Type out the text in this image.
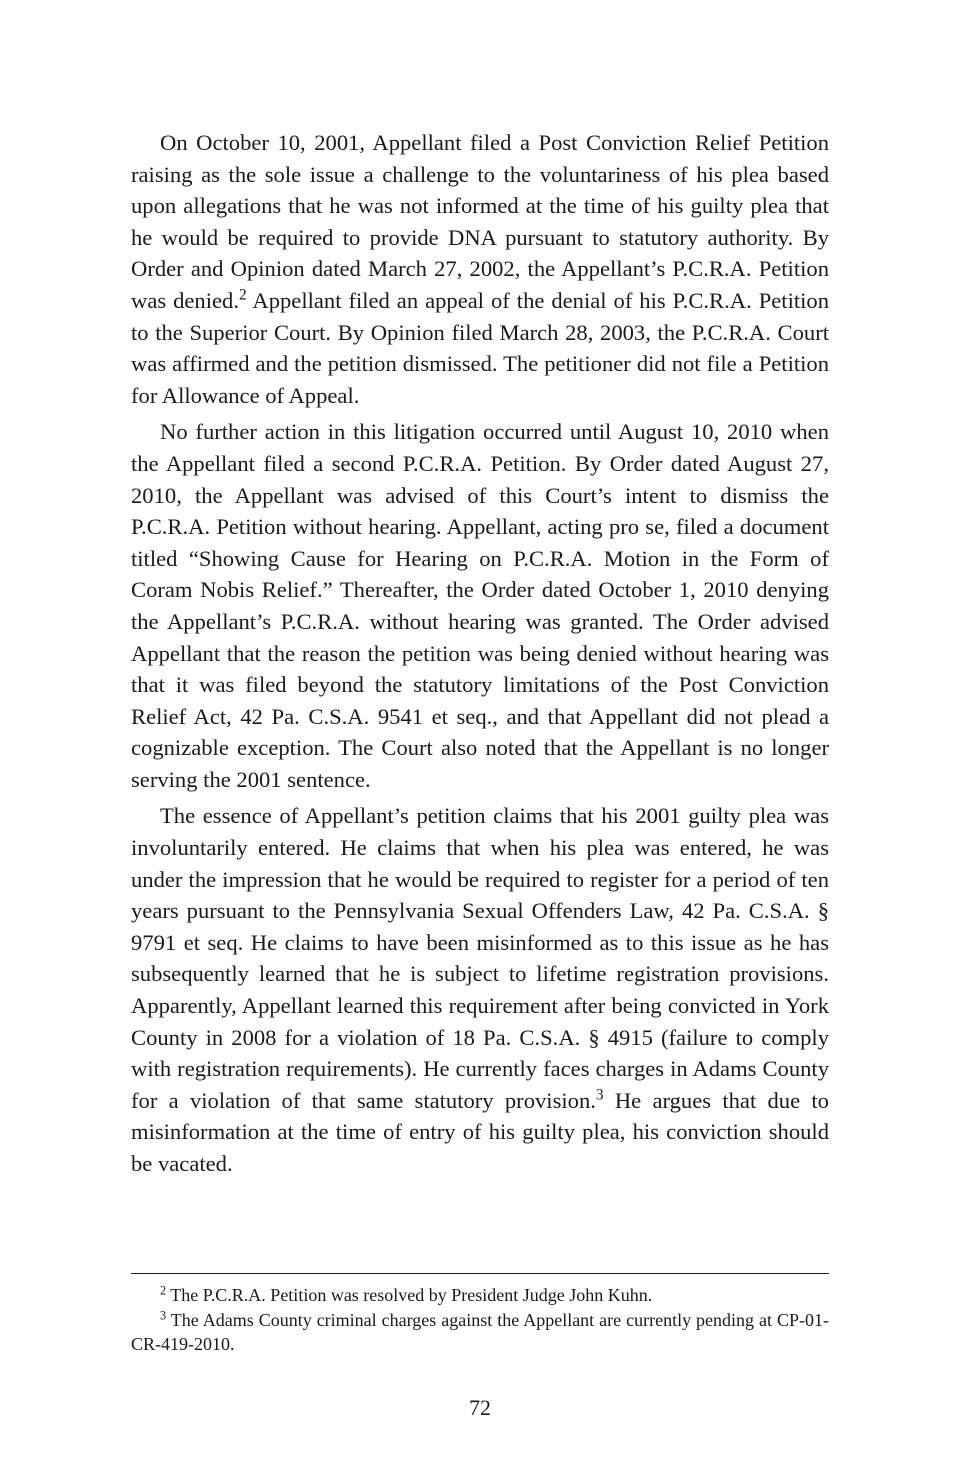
On October 10, 2001, Appellant filed a Post Conviction Relief Petition raising as the sole issue a challenge to the voluntariness of his plea based upon allegations that he was not informed at the time of his guilty plea that he would be required to provide DNA pursuant to statutory authority. By Order and Opinion dated March 27, 2002, the Appellant’s P.C.R.A. Petition was denied.$^2$ Appellant filed an appeal of the denial of his P.C.R.A. Petition to the Superior Court. By Opinion filed March 28, 2003, the P.C.R.A. Court was affirmed and the petition dismissed. The petitioner did not file a Petition for Allowance of Appeal.

No further action in this litigation occurred until August 10, 2010 when the Appellant filed a second P.C.R.A. Petition. By Order dated August 27, 2010, the Appellant was advised of this Court’s intent to dismiss the P.C.R.A. Petition without hearing. Appellant, acting pro se, filed a document titled “Showing Cause for Hearing on P.C.R.A. Motion in the Form of Coram Nobis Relief.” Thereafter, the Order dated October 1, 2010 denying the Appellant’s P.C.R.A. without hearing was granted. The Order advised Appellant that the reason the petition was being denied without hearing was that it was filed beyond the statutory limitations of the Post Conviction Relief Act, 42 Pa. C.S.A. 9541 et seq., and that Appellant did not plead a cognizable exception. The Court also noted that the Appellant is no longer serving the 2001 sentence.

The essence of Appellant’s petition claims that his 2001 guilty plea was involuntarily entered. He claims that when his plea was entered, he was under the impression that he would be required to register for a period of ten years pursuant to the Pennsylvania Sexual Offenders Law, 42 Pa. C.S.A. § 9791 et seq. He claims to have been misinformed as to this issue as he has subsequently learned that he is subject to lifetime registration provisions. Apparently, Appellant learned this requirement after being convicted in York County in 2008 for a violation of 18 Pa. C.S.A. § 4915 (failure to comply with registration requirements). He currently faces charges in Adams County for a violation of that same statutory provision.$^3$ He argues that due to misinformation at the time of entry of his guilty plea, his conviction should be vacated.

$^2$ The P.C.R.A. Petition was resolved by President Judge John Kuhn.

$^3$ The Adams County criminal charges against the Appellant are currently pending at CP-01-CR-419-2010.

72
